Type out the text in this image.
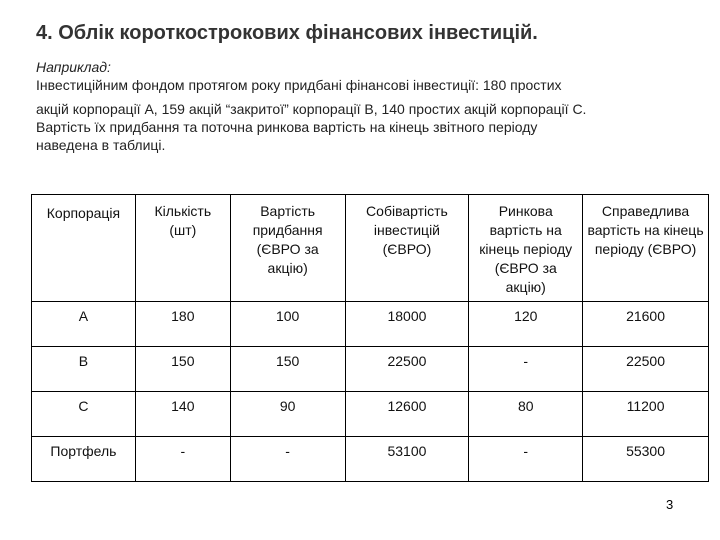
4. Облік короткострокових фінансових інвестицій.
Наприклад:
Інвестиційним фондом протягом року придбані фінансові інвестиції: 180 простих
акцій корпорації А, 159 акцій “закритої” корпорації В, 140 простих акцій корпорації С.
Вартість їх придбання та поточна ринкова вартість на кінець звітного періоду
наведена в таблиці.
Корпорація	Кількість (шт)	Вартість придбання (ЄВРО за акцію)	Собівартість інвестицій (ЄВРО)	Ринкова вартість на кінець періоду (ЄВРО за акцію)	Справедлива вартість на кінець періоду (ЄВРО)
А	180	100	18000	120	21600
В	150	150	22500	-	22500
С	140	90	12600	80	11200
Портфель	-	-	53100	-	55300
3
